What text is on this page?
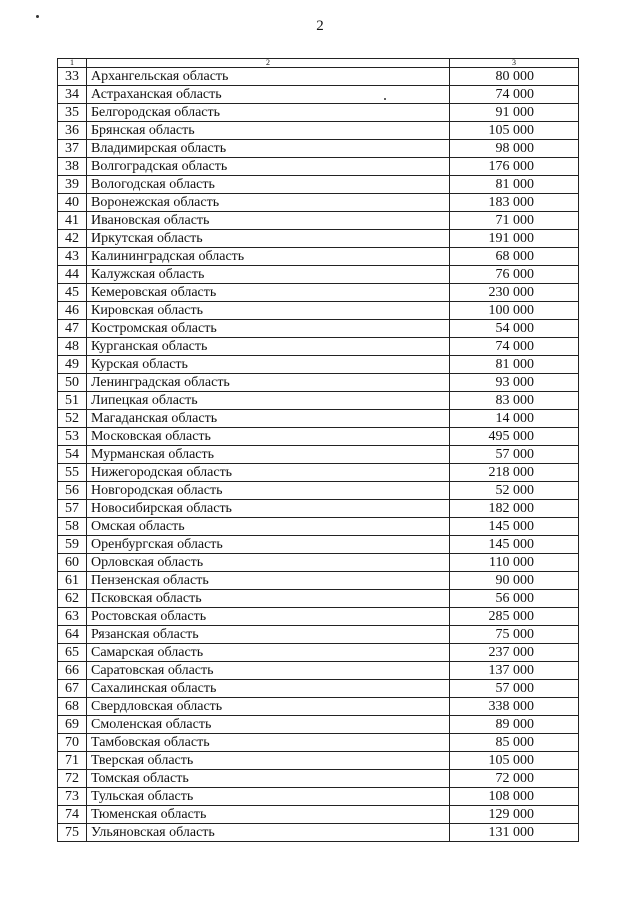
2
1	2	3
33	Архангельская область	80 000
34	Астраханская область	74 000
35	Белгородская область	91 000
36	Брянская область	105 000
37	Владимирская область	98 000
38	Волгоградская область	176 000
39	Вологодская область	81 000
40	Воронежская область	183 000
41	Ивановская область	71 000
42	Иркутская область	191 000
43	Калининградская область	68 000
44	Калужская область	76 000
45	Кемеровская область	230 000
46	Кировская область	100 000
47	Костромская область	54 000
48	Курганская область	74 000
49	Курская область	81 000
50	Ленинградская область	93 000
51	Липецкая область	83 000
52	Магаданская область	14 000
53	Московская область	495 000
54	Мурманская область	57 000
55	Нижегородская область	218 000
56	Новгородская область	52 000
57	Новосибирская область	182 000
58	Омская область	145 000
59	Оренбургская область	145 000
60	Орловская область	110 000
61	Пензенская область	90 000
62	Псковская область	56 000
63	Ростовская область	285 000
64	Рязанская область	75 000
65	Самарская область	237 000
66	Саратовская область	137 000
67	Сахалинская область	57 000
68	Свердловская область	338 000
69	Смоленская область	89 000
70	Тамбовская область	85 000
71	Тверская область	105 000
72	Томская область	72 000
73	Тульская область	108 000
74	Тюменская область	129 000
75	Ульяновская область	131 000
